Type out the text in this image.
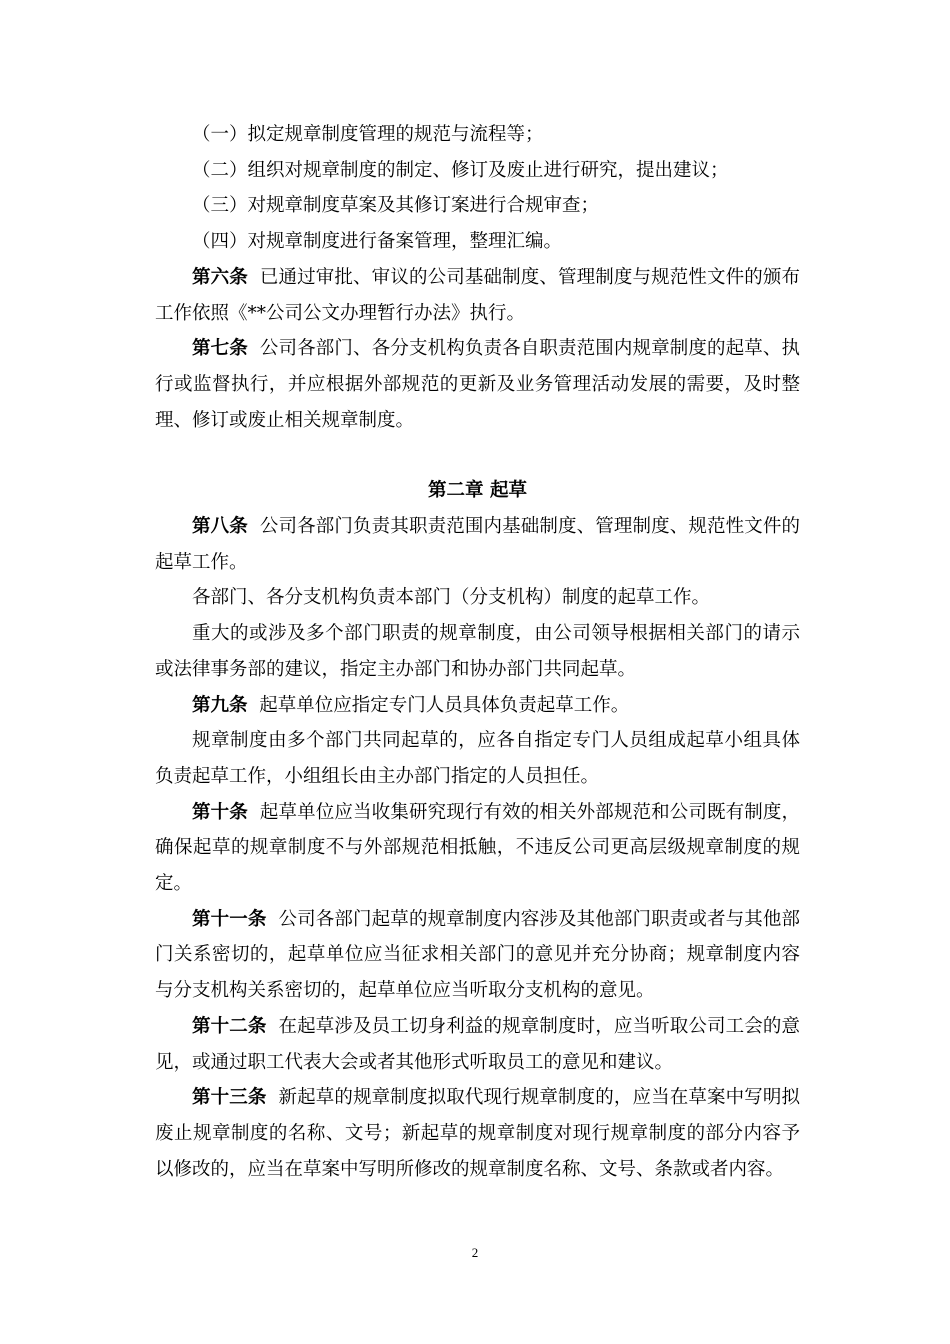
（一）拟定规章制度管理的规范与流程等；

（二）组织对规章制度的制定、修订及废止进行研究，提出建议；

（三）对规章制度草案及其修订案进行合规审查；

（四）对规章制度进行备案管理，整理汇编。

第六条 已通过审批、审议的公司基础制度、管理制度与规范性文件的颁布工作依照《**公司公文办理暂行办法》执行。

第七条 公司各部门、各分支机构负责各自职责范围内规章制度的起草、执行或监督执行，并应根据外部规范的更新及业务管理活动发展的需要，及时整理、修订或废止相关规章制度。

第二章 起草

第八条 公司各部门负责其职责范围内基础制度、管理制度、规范性文件的起草工作。

各部门、各分支机构负责本部门（分支机构）制度的起草工作。

重大的或涉及多个部门职责的规章制度，由公司领导根据相关部门的请示或法律事务部的建议，指定主办部门和协办部门共同起草。

第九条 起草单位应指定专门人员具体负责起草工作。

规章制度由多个部门共同起草的，应各自指定专门人员组成起草小组具体负责起草工作，小组组长由主办部门指定的人员担任。

第十条 起草单位应当收集研究现行有效的相关外部规范和公司既有制度，确保起草的规章制度不与外部规范相抵触，不违反公司更高层级规章制度的规定。

第十一条 公司各部门起草的规章制度内容涉及其他部门职责或者与其他部门关系密切的，起草单位应当征求相关部门的意见并充分协商；规章制度内容与分支机构关系密切的，起草单位应当听取分支机构的意见。

第十二条 在起草涉及员工切身利益的规章制度时，应当听取公司工会的意见，或通过职工代表大会或者其他形式听取员工的意见和建议。

第十三条 新起草的规章制度拟取代现行规章制度的，应当在草案中写明拟废止规章制度的名称、文号；新起草的规章制度对现行规章制度的部分内容予以修改的，应当在草案中写明所修改的规章制度名称、文号、条款或者内容。

2
